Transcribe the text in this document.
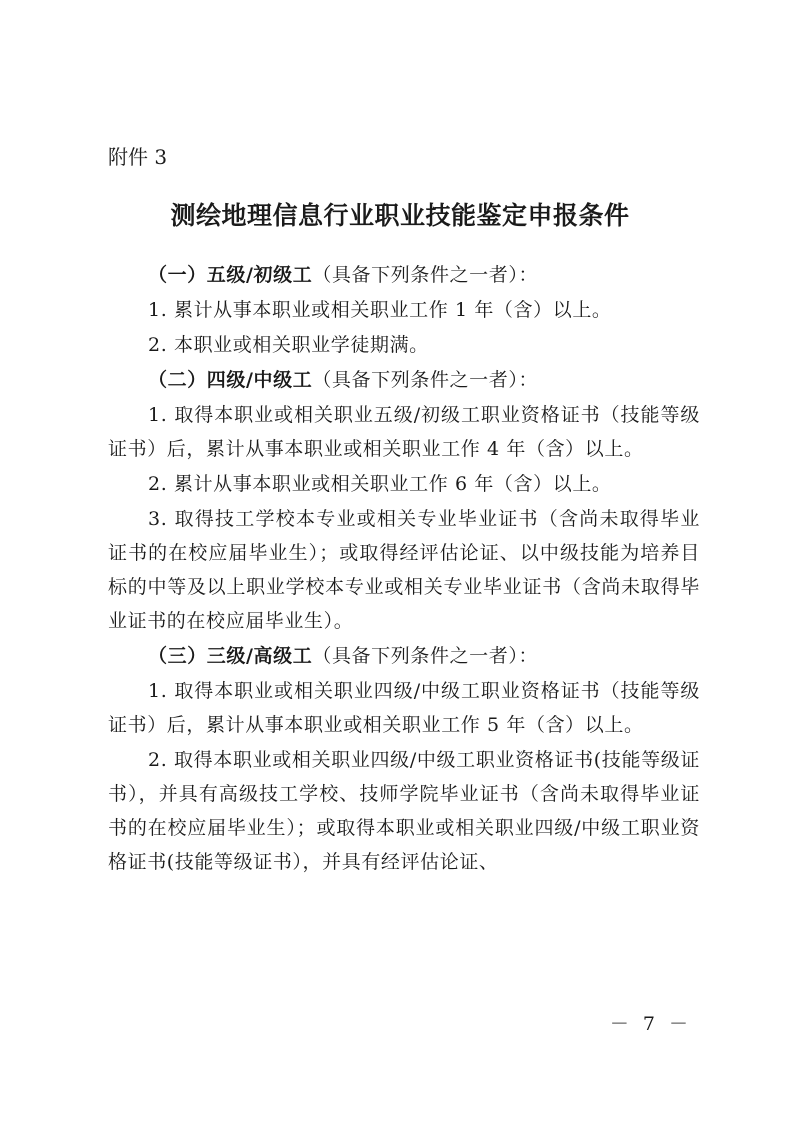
附件 3
测绘地理信息行业职业技能鉴定申报条件

（一）五级/初级工（具备下列条件之一者）：

1. 累计从事本职业或相关职业工作 1 年（含）以上。

2. 本职业或相关职业学徒期满。

（二）四级/中级工（具备下列条件之一者）：

1. 取得本职业或相关职业五级/初级工职业资格证书（技能等级证书）后，累计从事本职业或相关职业工作 4 年（含）以上。

2. 累计从事本职业或相关职业工作 6 年（含）以上。

3. 取得技工学校本专业或相关专业毕业证书（含尚未取得毕业证书的在校应届毕业生）；或取得经评估论证、以中级技能为培养目标的中等及以上职业学校本专业或相关专业毕业证书（含尚未取得毕业证书的在校应届毕业生）。

（三）三级/高级工（具备下列条件之一者）：

1. 取得本职业或相关职业四级/中级工职业资格证书（技能等级证书）后，累计从事本职业或相关职业工作 5 年（含）以上。

2. 取得本职业或相关职业四级/中级工职业资格证书(技能等级证书），并具有高级技工学校、技师学院毕业证书（含尚未取得毕业证书的在校应届毕业生）；或取得本职业或相关职业四级/中级工职业资格证书(技能等级证书），并具有经评估论证、

－ 7 －
